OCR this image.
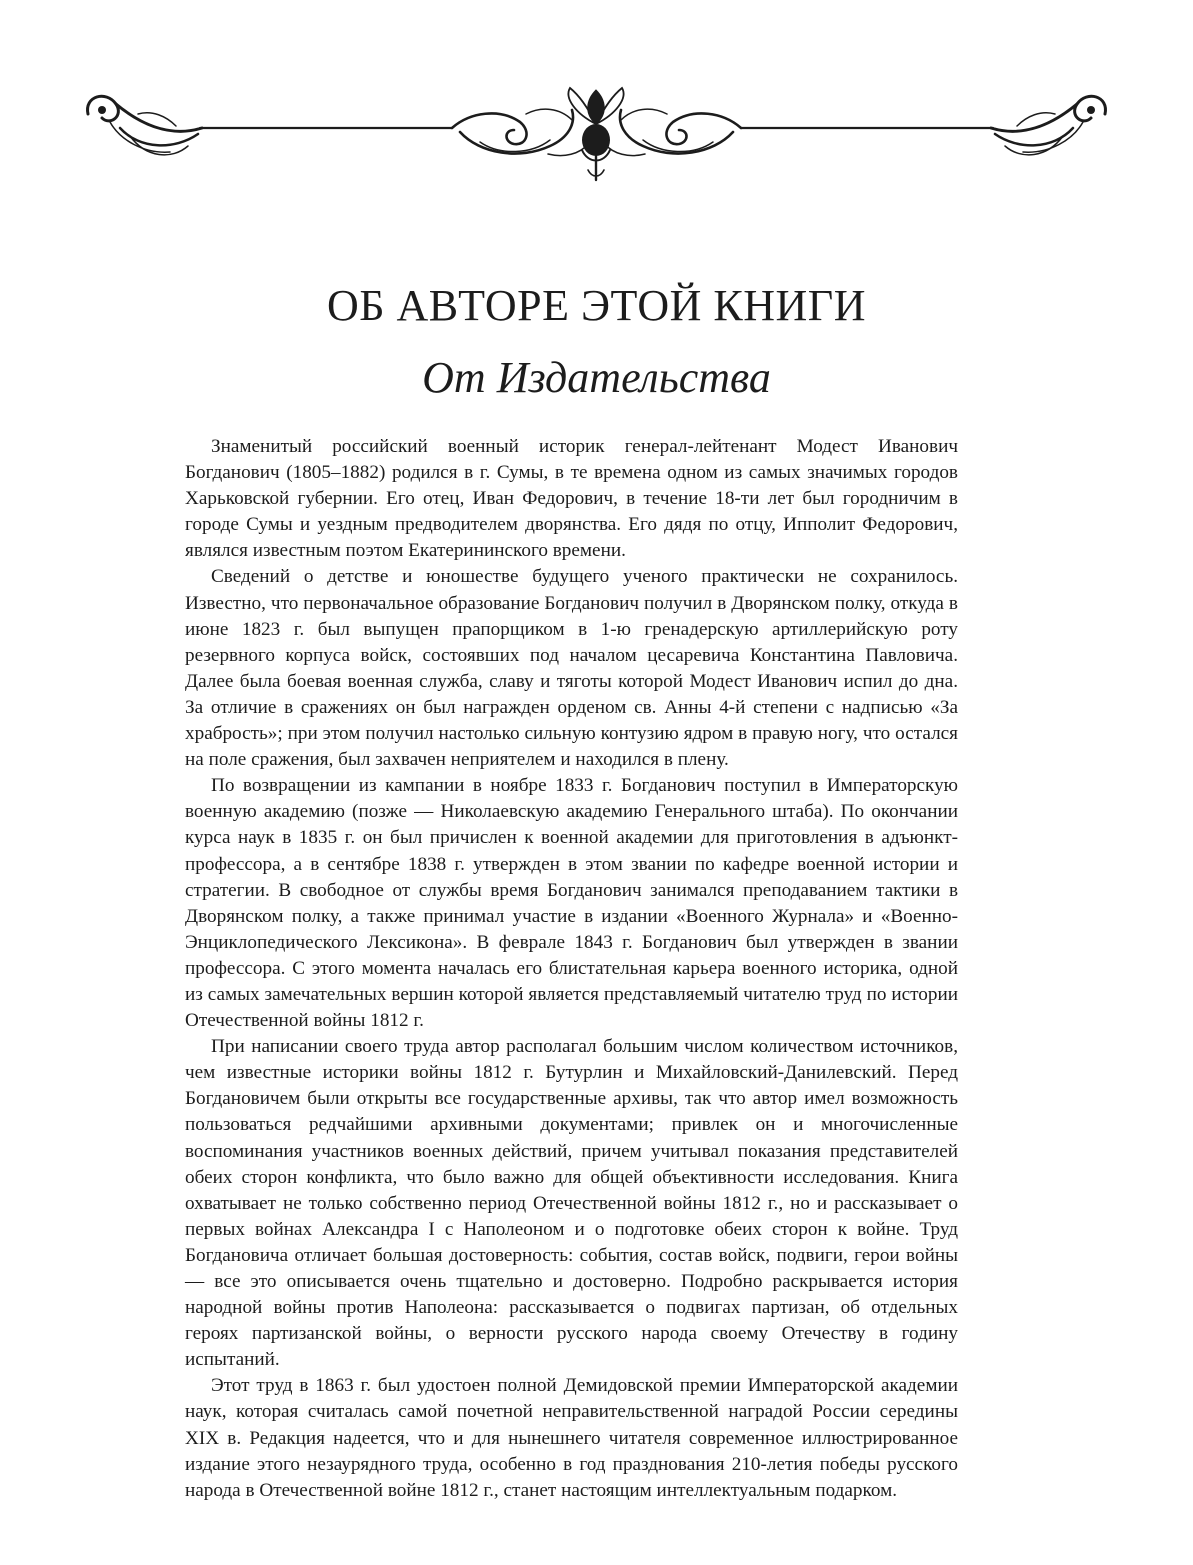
ОБ АВТОРЕ ЭТОЙ КНИГИ
От Издательства

Знаменитый российский военный историк генерал-лейтенант Модест Иванович Богданович (1805–1882) родился в г. Сумы, в те времена одном из самых значимых городов Харьковской губернии. Его отец, Иван Федорович, в течение 18-ти лет был городничим в городе Сумы и уездным предводителем дворянства. Его дядя по отцу, Ипполит Федорович, являлся известным поэтом Екатерининского времени.

Сведений о детстве и юношестве будущего ученого практически не сохранилось. Известно, что первоначальное образование Богданович получил в Дворянском полку, откуда в июне 1823 г. был выпущен прапорщиком в 1-ю гренадерскую артиллерийскую роту резервного корпуса войск, состоявших под началом цесаревича Константина Павловича. Далее была боевая военная служба, славу и тяготы которой Модест Иванович испил до дна. За отличие в сражениях он был награжден орденом св. Анны 4-й степени с надписью «За храбрость»; при этом получил настолько сильную контузию ядром в правую ногу, что остался на поле сражения, был захвачен неприятелем и находился в плену.

По возвращении из кампании в ноябре 1833 г. Богданович поступил в Императорскую военную академию (позже — Николаевскую академию Генерального штаба). По окончании курса наук в 1835 г. он был причислен к военной академии для приготовления в адъюнкт-профессора, а в сентябре 1838 г. утвержден в этом звании по кафедре военной истории и стратегии. В свободное от службы время Богданович занимался преподаванием тактики в Дворянском полку, а также принимал участие в издании «Военного Журнала» и «Военно-Энциклопедического Лексикона». В феврале 1843 г. Богданович был утвержден в звании профессора. С этого момента началась его блистательная карьера военного историка, одной из самых замечательных вершин которой является представляемый читателю труд по истории Отечественной войны 1812 г.

При написании своего труда автор располагал большим числом количеством источников, чем известные историки войны 1812 г. Бутурлин и Михайловский-Данилевский. Перед Богдановичем были открыты все государственные архивы, так что автор имел возможность пользоваться редчайшими архивными документами; привлек он и многочисленные воспоминания участников военных действий, причем учитывал показания представителей обеих сторон конфликта, что было важно для общей объективности исследования. Книга охватывает не только собственно период Отечественной войны 1812 г., но и рассказывает о первых войнах Александра I с Наполеоном и о подготовке обеих сторон к войне. Труд Богдановича отличает большая достоверность: события, состав войск, подвиги, герои войны — все это описывается очень тщательно и достоверно. Подробно раскрывается история народной войны против Наполеона: рассказывается о подвигах партизан, об отдельных героях партизанской войны, о верности русского народа своему Отечеству в годину испытаний.

Этот труд в 1863 г. был удостоен полной Демидовской премии Императорской академии наук, которая считалась самой почетной неправительственной наградой России середины XIX в. Редакция надеется, что и для нынешнего читателя современное иллюстрированное издание этого незаурядного труда, особенно в год празднования 210-летия победы русского народа в Отечественной войне 1812 г., станет настоящим интеллектуальным подарком.
